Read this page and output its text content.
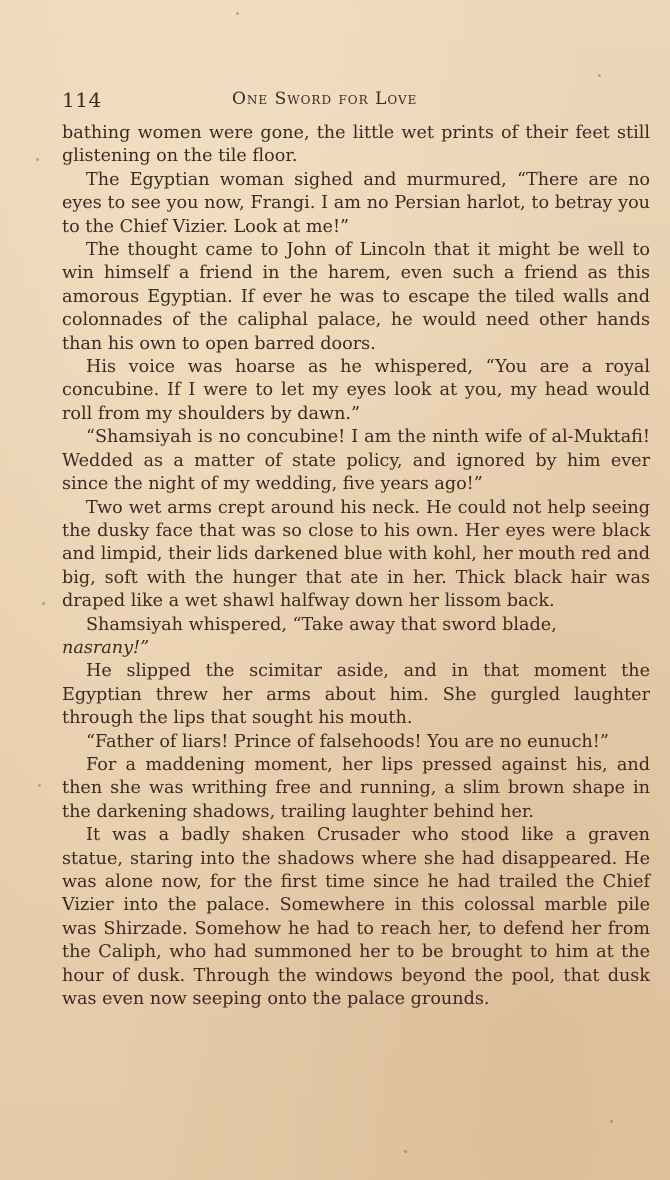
114	One Sword for Love

bathing women were gone, the little wet prints of their feet still glistening on the tile floor.

The Egyptian woman sighed and murmured, “There are no eyes to see you now, Frangi. I am no Persian harlot, to betray you to the Chief Vizier. Look at me!”

The thought came to John of Lincoln that it might be well to win himself a friend in the harem, even such a friend as this amorous Egyptian. If ever he was to escape the tiled walls and colonnades of the caliphal palace, he would need other hands than his own to open barred doors.

His voice was hoarse as he whispered, “You are a royal concubine. If I were to let my eyes look at you, my head would roll from my shoulders by dawn.”

“Shamsiyah is no concubine! I am the ninth wife of al-Muktafi! Wedded as a matter of state policy, and ignored by him ever since the night of my wedding, five years ago!”

Two wet arms crept around his neck. He could not help seeing the dusky face that was so close to his own. Her eyes were black and limpid, their lids darkened blue with kohl, her mouth red and big, soft with the hunger that ate in her. Thick black hair was draped like a wet shawl halfway down her lissom back.

Shamsiyah whispered, “Take away that sword blade,
nasrany!”

He slipped the scimitar aside, and in that moment the Egyptian threw her arms about him. She gurgled laughter through the lips that sought his mouth.

“Father of liars! Prince of falsehoods! You are no eunuch!”

For a maddening moment, her lips pressed against his, and then she was writhing free and running, a slim brown shape in the darkening shadows, trailing laughter behind her.

It was a badly shaken Crusader who stood like a graven statue, staring into the shadows where she had disappeared. He was alone now, for the first time since he had trailed the Chief Vizier into the palace. Somewhere in this colossal marble pile was Shirzade. Somehow he had to reach her, to defend her from the Caliph, who had summoned her to be brought to him at the hour of dusk. Through the windows beyond the pool, that dusk was even now seeping onto the palace grounds.
